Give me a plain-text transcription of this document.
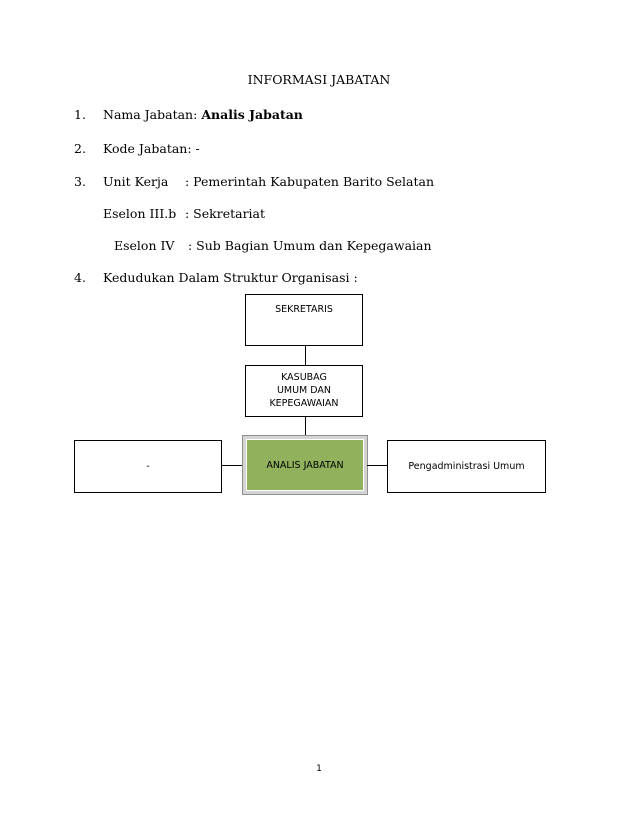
INFORMASI JABATAN
1. Nama Jabatan: Analis Jabatan
2. Kode Jabatan: -
3. Unit Kerja : Pemerintah Kabupaten Barito Selatan
Eselon III.b : Sekretariat
Eselon IV : Sub Bagian Umum dan Kepegawaian
4. Kedudukan Dalam Struktur Organisasi :
SEKRETARIS
KASUBAG
UMUM DAN
KEPEGAWAIAN
-	ANALIS JABATAN	Pengadministrasi Umum
1
